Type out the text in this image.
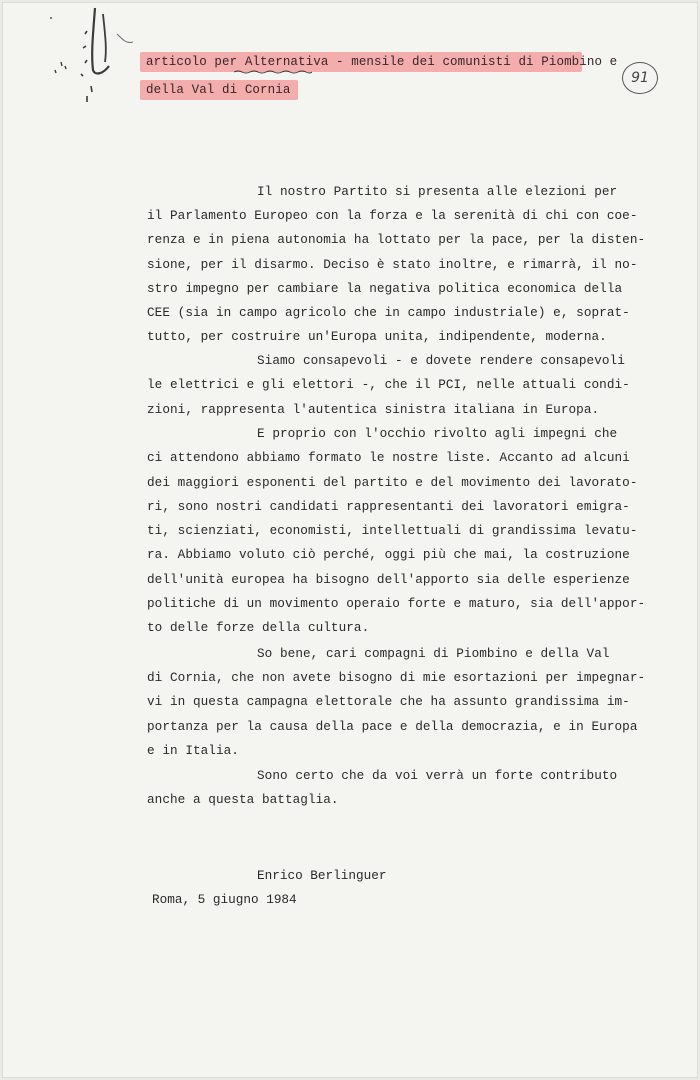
articolo per Alternativa - mensile dei comunisti di Piombino e
della Val di Cornia
91
Il nostro Partito si presenta alle elezioni per
il Parlamento Europeo con la forza e la serenità di chi con coe-
renza e in piena autonomia ha lottato per la pace, per la disten-
sione, per il disarmo. Deciso è stato inoltre, e rimarrà, il no-
stro impegno per cambiare la negativa politica economica della
CEE (sia in campo agricolo che in campo industriale) e, soprat-
tutto, per costruire un'Europa unita, indipendente, moderna.
Siamo consapevoli - e dovete rendere consapevoli
le elettrici e gli elettori -, che il PCI, nelle attuali condi-
zioni, rappresenta l'autentica sinistra italiana in Europa.
E proprio con l'occhio rivolto agli impegni che
ci attendono abbiamo formato le nostre liste. Accanto ad alcuni
dei maggiori esponenti del partito e del movimento dei lavorato-
ri, sono nostri candidati rappresentanti dei lavoratori emigra-
ti, scienziati, economisti, intellettuali di grandissima levatu-
ra. Abbiamo voluto ciò perché, oggi più che mai, la costruzione
dell'unità europea ha bisogno dell'apporto sia delle esperienze
politiche di un movimento operaio forte e maturo, sia dell'appor-
to delle forze della cultura.
So bene, cari compagni di Piombino e della Val
di Cornia, che non avete bisogno di mie esortazioni per impegnar-
vi in questa campagna elettorale che ha assunto grandissima im-
portanza per la causa della pace e della democrazia, e in Europa
e in Italia.
Sono certo che da voi verrà un forte contributo
anche a questa battaglia.
Enrico Berlinguer
Roma, 5 giugno 1984
